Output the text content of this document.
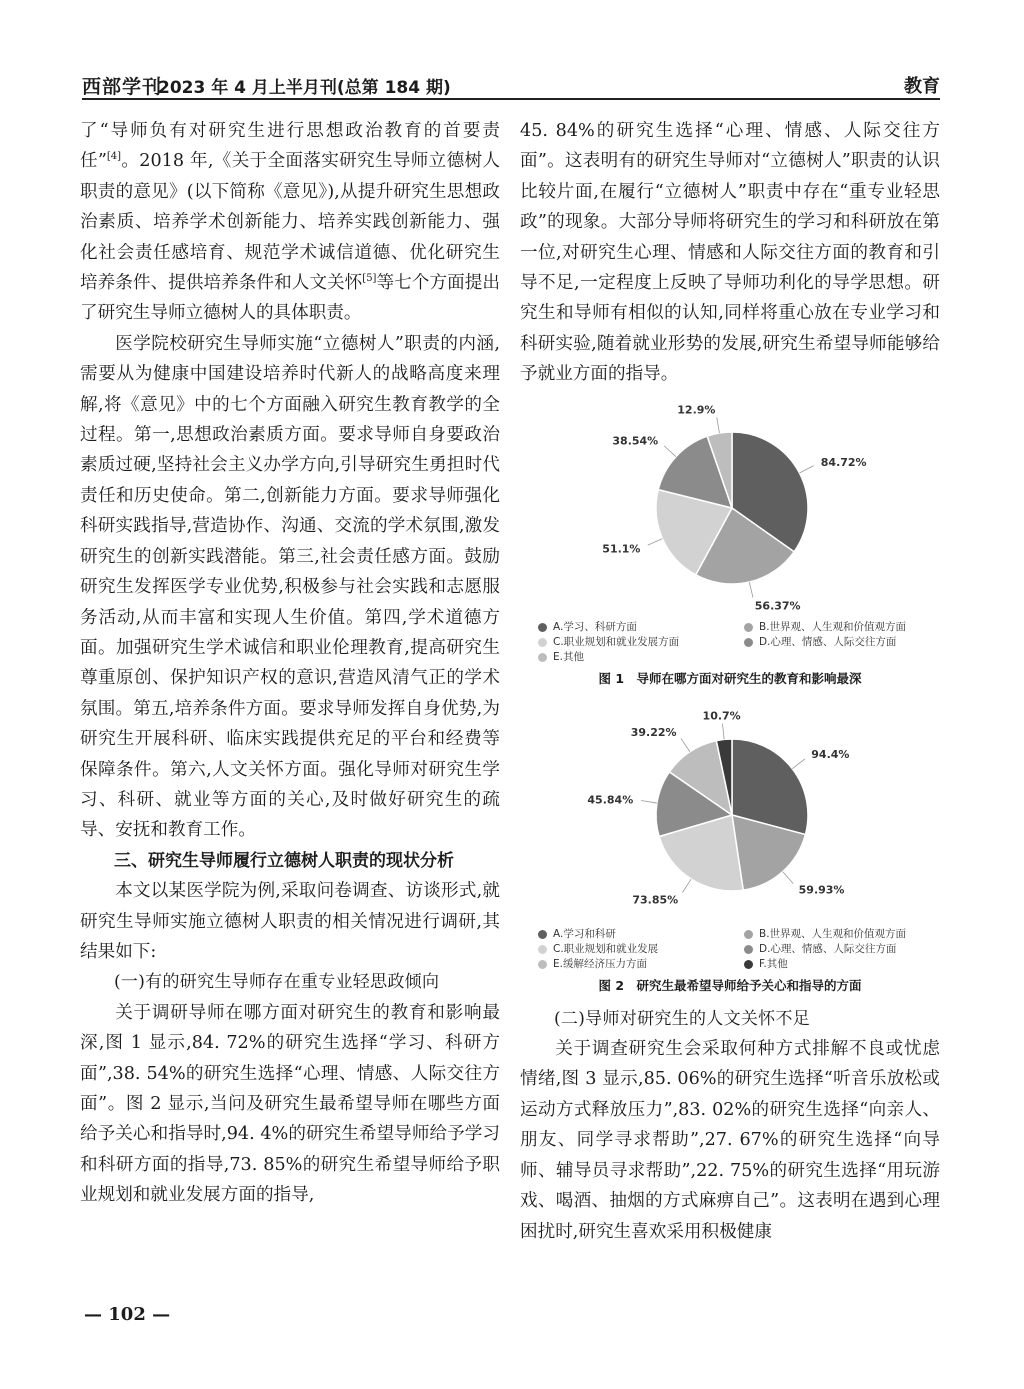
西部学刊
2023 年 4 月上半月刊(总第 184 期)	教育

了“导师负有对研究生进行思想政治教育的首要责任”[4]。2018 年,《关于全面落实研究生导师立德树人职责的意见》(以下简称《意见》),从提升研究生思想政治素质、培养学术创新能力、培养实践创新能力、强化社会责任感培育、规范学术诚信道德、优化研究生培养条件、提供培养条件和人文关怀[5]等七个方面提出了研究生导师立德树人的具体职责。

医学院校研究生导师实施“立德树人”职责的内涵,需要从为健康中国建设培养时代新人的战略高度来理解,将《意见》中的七个方面融入研究生教育教学的全过程。第一,思想政治素质方面。要求导师自身要政治素质过硬,坚持社会主义办学方向,引导研究生勇担时代责任和历史使命。第二,创新能力方面。要求导师强化科研实践指导,营造协作、沟通、交流的学术氛围,激发研究生的创新实践潜能。第三,社会责任感方面。鼓励研究生发挥医学专业优势,积极参与社会实践和志愿服务活动,从而丰富和实现人生价值。第四,学术道德方面。加强研究生学术诚信和职业伦理教育,提高研究生尊重原创、保护知识产权的意识,营造风清气正的学术氛围。第五,培养条件方面。要求导师发挥自身优势,为研究生开展科研、临床实践提供充足的平台和经费等保障条件。第六,人文关怀方面。强化导师对研究生学习、科研、就业等方面的关心,及时做好研究生的疏导、安抚和教育工作。

三、研究生导师履行立德树人职责的现状分析

本文以某医学院为例,采取问卷调查、访谈形式,就研究生导师实施立德树人职责的相关情况进行调研,其结果如下:

(一)有的研究生导师存在重专业轻思政倾向

关于调研导师在哪方面对研究生的教育和影响最深,图 1 显示,84. 72%的研究生选择“学习、科研方面”,38. 54%的研究生选择“心理、情感、人际交往方面”。图 2 显示,当问及研究生最希望导师在哪些方面给予关心和指导时,94. 4%的研究生希望导师给予学习和科研方面的指导,73. 85%的研究生希望导师给予职业规划和就业发展方面的指导,

45. 84%的研究生选择“心理、情感、人际交往方面”。这表明有的研究生导师对“立德树人”职责的认识比较片面,在履行“立德树人”职责中存在“重专业轻思政”的现象。大部分导师将研究生的学习和科研放在第一位,对研究生心理、情感和人际交往方面的教育和引导不足,一定程度上反映了导师功利化的导学思想。研究生和导师有相似的认知,同样将重心放在专业学习和科研实验,随着就业形势的发展,研究生希望导师能够给予就业方面的指导。

84.72%
56.37%
51.1%
38.54%
12.9%
A.学习、科研方面	B.世界观、人生观和价值观方面
C.职业规划和就业发展方面	D.心理、情感、人际交往方面
E.其他
图 1　导师在哪方面对研究生的教育和影响最深
94.4%
59.93%
73.85%
45.84%
39.22%
10.7%
A.学习和科研	B.世界观、人生观和价值观方面
C.职业规划和就业发展	D.心理、情感、人际交往方面
E.缓解经济压力方面	F.其他
图 2　研究生最希望导师给予关心和指导的方面

(二)导师对研究生的人文关怀不足

关于调查研究生会采取何种方式排解不良或忧虑情绪,图 3 显示,85. 06%的研究生选择“听音乐放松或运动方式释放压力”,83. 02%的研究生选择“向亲人、朋友、同学寻求帮助”,27. 67%的研究生选择“向导师、辅导员寻求帮助”,22. 75%的研究生选择“用玩游戏、喝酒、抽烟的方式麻痹自己”。这表明在遇到心理困扰时,研究生喜欢采用积极健康

— 102 —
